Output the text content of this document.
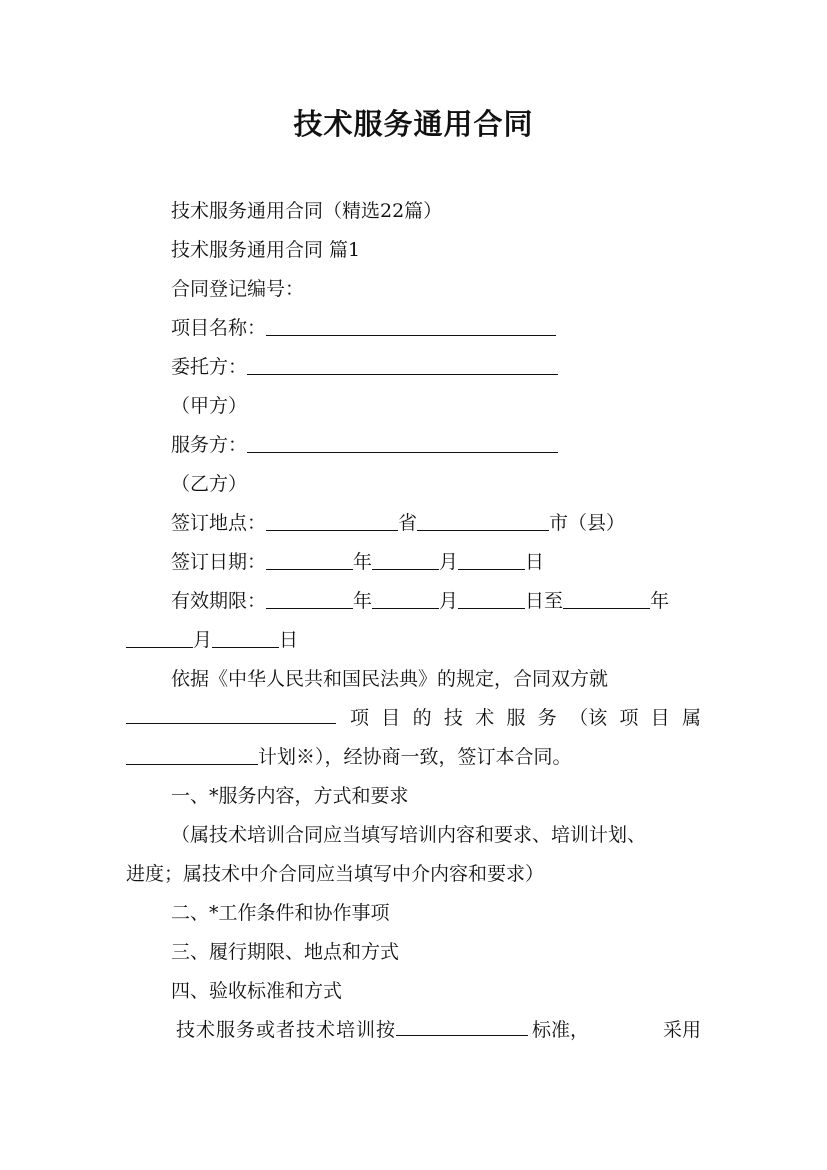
技术服务通用合同

技术服务通用合同（精选22篇）

技术服务通用合同 篇1

合同登记编号：

项目名称：

委托方：

（甲方）

服务方：

（乙方）

签订地点：	省	市（县）

签订日期：	年	月	日

有效期限：	年	月	日至	年

月	日

依据《中华人民共和国民法典》的规定，合同双方就

项 目 的 技 术 服 务 （该 项 目 属

计划※），经协商一致，签订本合同。

一、*服务内容，方式和要求

（属技术培训合同应当填写培训内容和要求、培训计划、

进度；属技术中介合同应当填写中介内容和要求）

二、*工作条件和协作事项

三、履行期限、地点和方式

四、验收标准和方式

技术服务或者技术培训按	标准，	采用
